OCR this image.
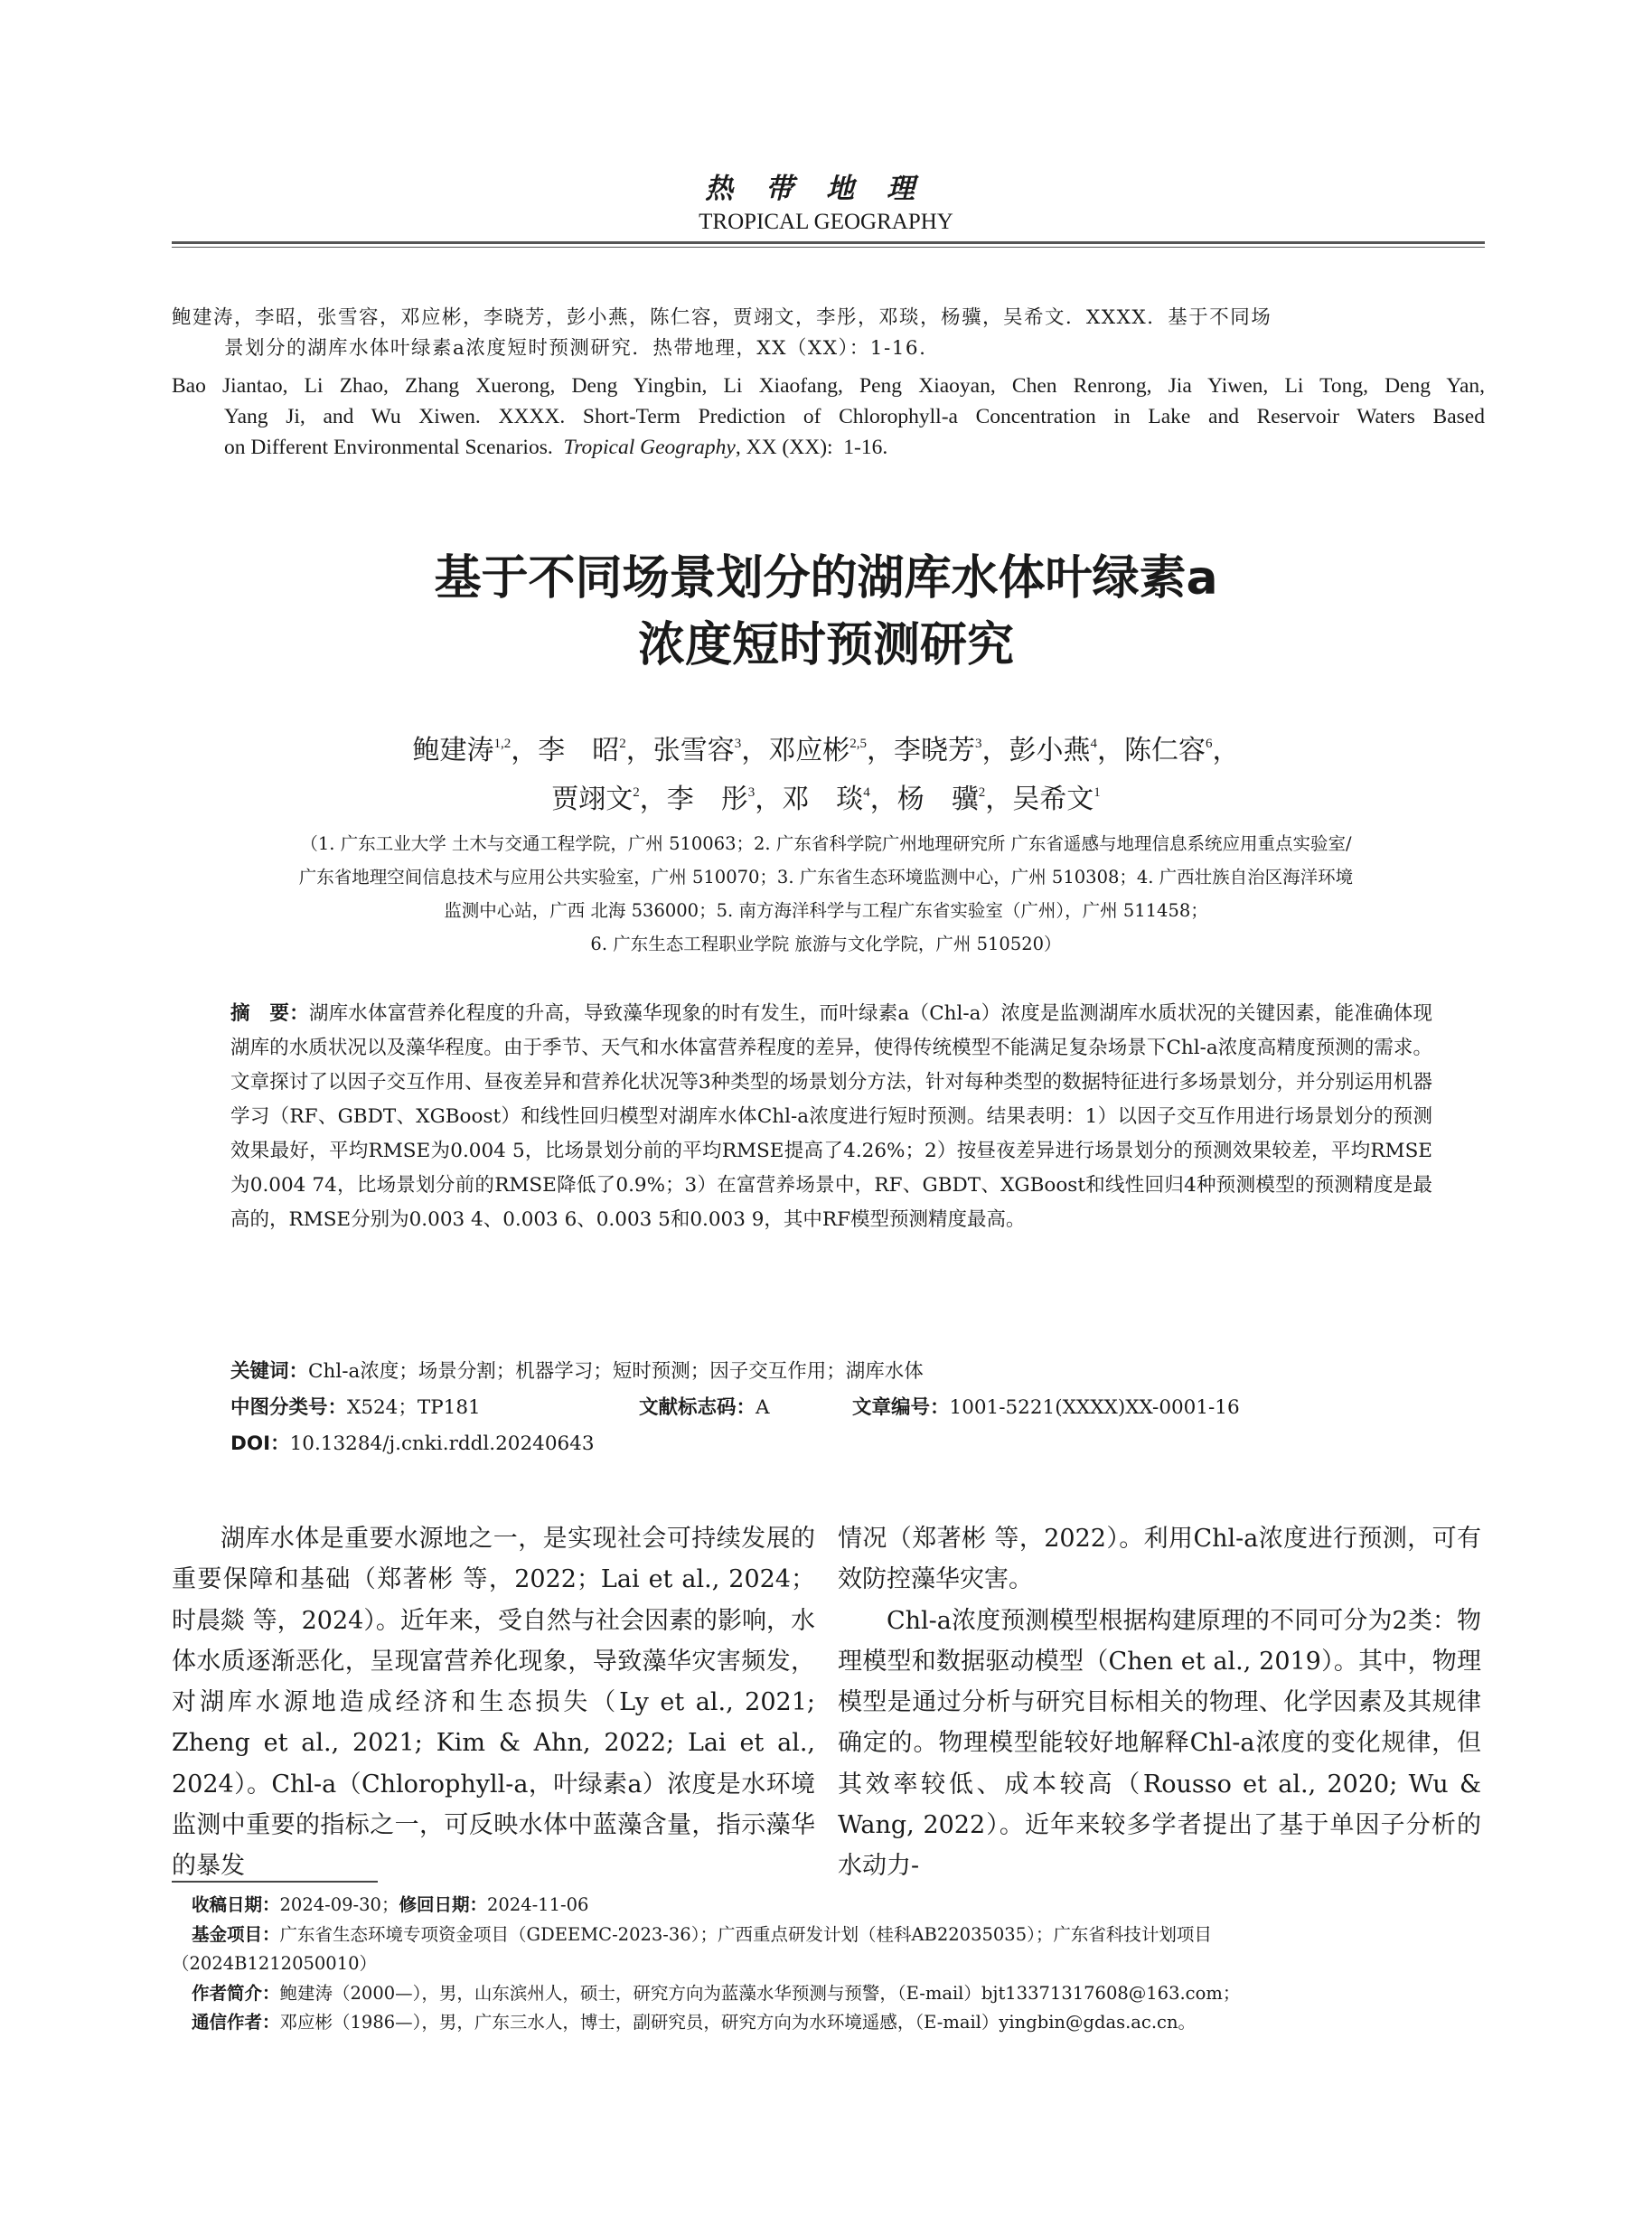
热带地理
TROPICAL GEOGRAPHY
鲍建涛，李昭，张雪容，邓应彬，李晓芳，彭小燕，陈仁容，贾翊文，李彤，邓琰，杨骥，吴希文．XXXX．基于不同场
景划分的湖库水体叶绿素a浓度短时预测研究．热带地理，XX（XX）：1-16.
Bao Jiantao, Li Zhao, Zhang Xuerong, Deng Yingbin, Li Xiaofang, Peng Xiaoyan, Chen Renrong, Jia Yiwen, Li Tong, Deng Yan,
Yang Ji, and Wu Xiwen. XXXX. Short-Term Prediction of Chlorophyll-a Concentration in Lake and Reservoir Waters Based
on Different Environmental Scenarios.  Tropical Geography, XX (XX):  1-16.
基于不同场景划分的湖库水体叶绿素a
浓度短时预测研究
鲍建涛$^{1,2}$，李　昭$^2$，张雪容$^3$，邓应彬$^{2,5}$，李晓芳$^3$，彭小燕$^4$，陈仁容$^6$，
贾翊文$^2$，李　彤$^3$，邓　琰$^4$，杨　骥$^2$，吴希文$^1$
（1. 广东工业大学 土木与交通工程学院，广州 510063；2. 广东省科学院广州地理研究所 广东省遥感与地理信息系统应用重点实验室/
广东省地理空间信息技术与应用公共实验室，广州 510070；3. 广东省生态环境监测中心，广州 510308；4. 广西壮族自治区海洋环境
监测中心站，广西 北海 536000；5. 南方海洋科学与工程广东省实验室（广州），广州 511458；
6. 广东生态工程职业学院 旅游与文化学院，广州 510520）
摘　要：湖库水体富营养化程度的升高，导致藻华现象的时有发生，而叶绿素a（Chl-a）浓度是监测湖库水质状况的关键因素，能准确体现湖库的水质状况以及藻华程度。由于季节、天气和水体富营养程度的差异，使得传统模型不能满足复杂场景下Chl-a浓度高精度预测的需求。文章探讨了以因子交互作用、昼夜差异和营养化状况等3种类型的场景划分方法，针对每种类型的数据特征进行多场景划分，并分别运用机器学习（RF、GBDT、XGBoost）和线性回归模型对湖库水体Chl-a浓度进行短时预测。结果表明：1）以因子交互作用进行场景划分的预测效果最好，平均RMSE为0.004 5，比场景划分前的平均RMSE提高了4.26%；2）按昼夜差异进行场景划分的预测效果较差，平均RMSE为0.004 74，比场景划分前的RMSE降低了0.9%；3）在富营养场景中，RF、GBDT、XGBoost和线性回归4种预测模型的预测精度是最高的，RMSE分别为0.003 4、0.003 6、0.003 5和0.003 9，其中RF模型预测精度最高。
关键词：Chl-a浓度；场景分割；机器学习；短时预测；因子交互作用；湖库水体
中图分类号：X524；TP181	文献标志码：A	文章编号：1001-5221(XXXX)XX-0001-16
DOI：10.13284/j.cnki.rddl.20240643

湖库水体是重要水源地之一，是实现社会可持续发展的重要保障和基础（郑著彬 等，2022；Lai et al., 2024；时晨燚 等，2024）。近年来，受自然与社会因素的影响，水体水质逐渐恶化，呈现富营养化现象，导致藻华灾害频发，对湖库水源地造成经济和生态损失（Ly et al., 2021; Zheng et al., 2021; Kim & Ahn, 2022; Lai et al., 2024）。Chl-a（Chlorophyll-a，叶绿素a）浓度是水环境监测中重要的指标之一，可反映水体中蓝藻含量，指示藻华的暴发

情况（郑著彬 等，2022）。利用Chl-a浓度进行预测，可有效防控藻华灾害。

Chl-a浓度预测模型根据构建原理的不同可分为2类：物理模型和数据驱动模型（Chen et al., 2019）。其中，物理模型是通过分析与研究目标相关的物理、化学因素及其规律确定的。物理模型能较好地解释Chl-a浓度的变化规律，但其效率较低、成本较高（Rousso et al., 2020; Wu & Wang, 2022）。近年来较多学者提出了基于单因子分析的水动力-

收稿日期：2024-09-30；修回日期：2024-11-06
基金项目：广东省生态环境专项资金项目（GDEEMC-2023-36）；广西重点研发计划（桂科AB22035035）；广东省科技计划项目
（2024B1212050010）
作者简介：鲍建涛（2000—），男，山东滨州人，硕士，研究方向为蓝藻水华预测与预警，（E-mail）bjt13371317608@163.com；
通信作者：邓应彬（1986—），男，广东三水人，博士，副研究员，研究方向为水环境遥感，（E-mail）yingbin@gdas.ac.cn。
